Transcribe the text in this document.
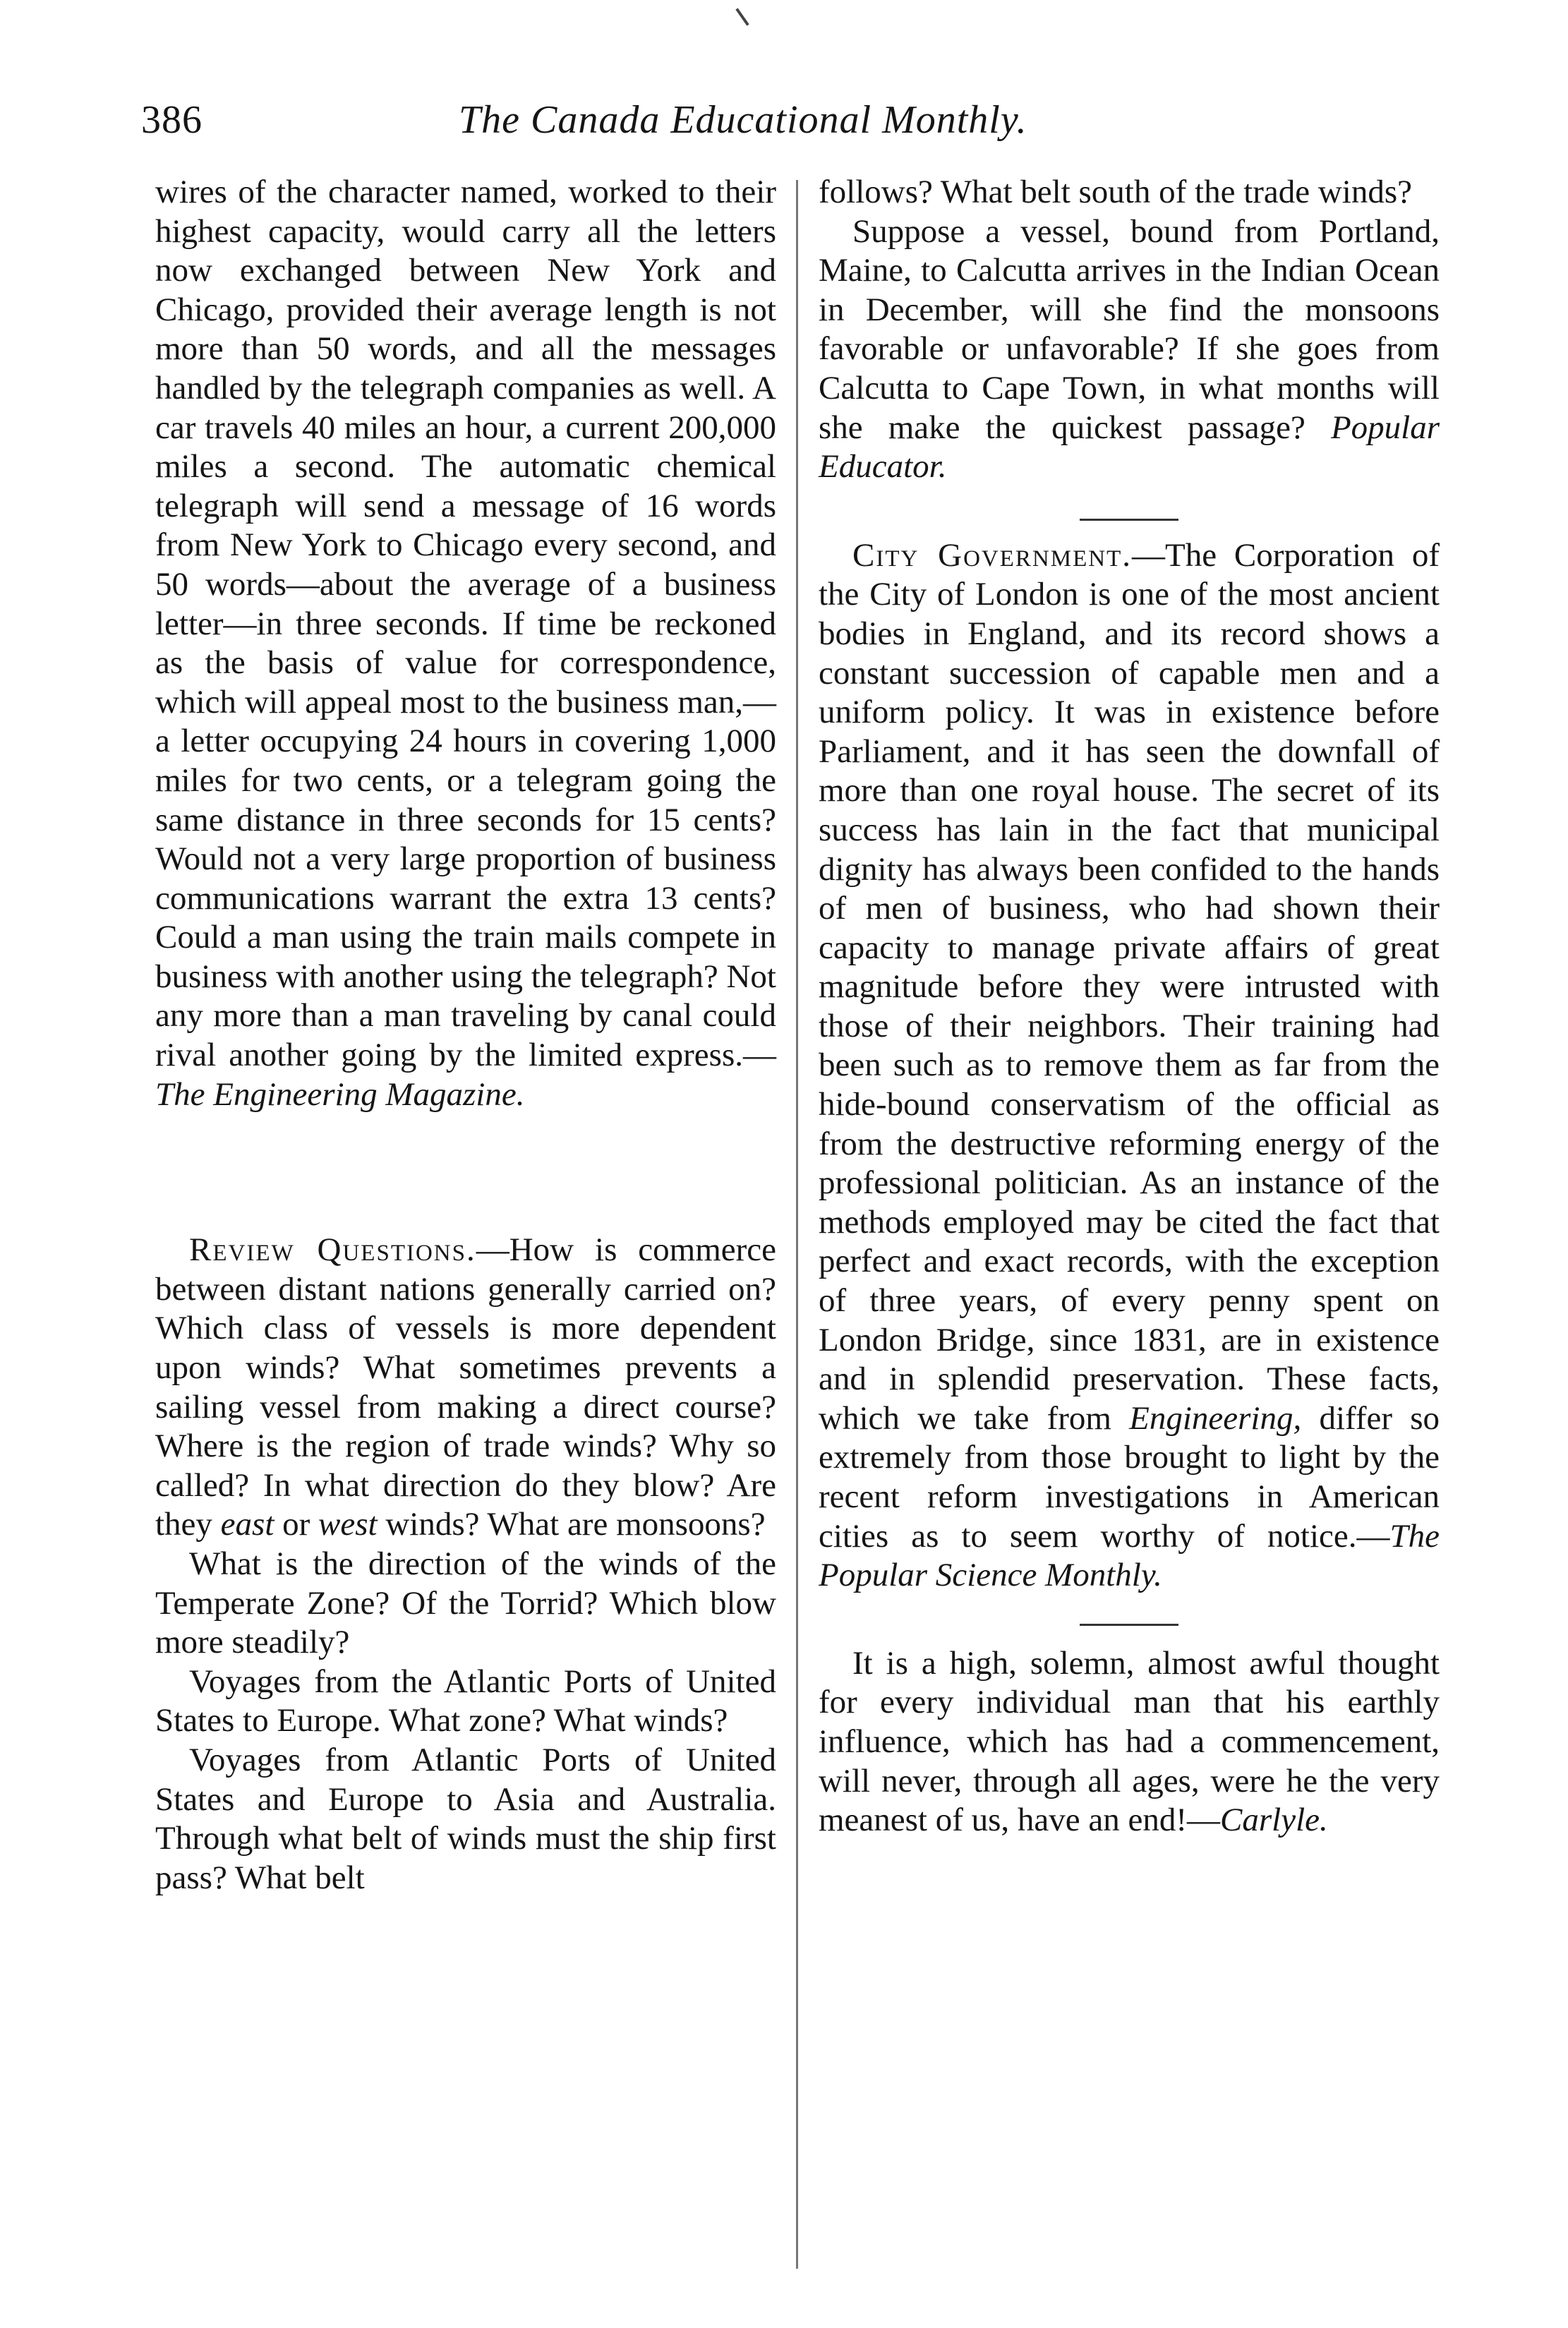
386	The Canada Educational Monthly.

wires of the character named, worked to their highest capacity, would carry all the letters now exchanged between New York and Chicago, provided their average length is not more than 50 words, and all the messages handled by the telegraph companies as well. A car travels 40 miles an hour, a current 200,000 miles a second. The automatic chemical telegraph will send a message of 16 words from New York to Chicago every second, and 50 words—about the average of a business letter—in three seconds. If time be reckoned as the basis of value for correspondence, which will appeal most to the business man,—a letter occupying 24 hours in covering 1,000 miles for two cents, or a telegram going the same distance in three seconds for 15 cents? Would not a very large proportion of business communications warrant the extra 13 cents? Could a man using the train mails compete in business with another using the telegraph? Not any more than a man traveling by canal could rival another going by the limited express.—The Engineering Magazine.

Review Questions.—How is commerce between distant nations generally carried on? Which class of vessels is more dependent upon winds? What sometimes prevents a sailing vessel from making a direct course? Where is the region of trade winds? Why so called? In what direction do they blow? Are they east or west winds? What are monsoons?

What is the direction of the winds of the Temperate Zone? Of the Torrid? Which blow more steadily?

Voyages from the Atlantic Ports of United States to Europe. What zone? What winds?

Voyages from Atlantic Ports of United States and Europe to Asia and Australia. Through what belt of winds must the ship first pass? What belt

follows? What belt south of the trade winds?

Suppose a vessel, bound from Portland, Maine, to Calcutta arrives in the Indian Ocean in December, will she find the monsoons favorable or unfavorable? If she goes from Calcutta to Cape Town, in what months will she make the quickest passage? Popular Educator.

City Government.—The Corporation of the City of London is one of the most ancient bodies in England, and its record shows a constant succession of capable men and a uniform policy. It was in existence before Parliament, and it has seen the downfall of more than one royal house. The secret of its success has lain in the fact that municipal dignity has always been confided to the hands of men of business, who had shown their capacity to manage private affairs of great magnitude before they were intrusted with those of their neighbors. Their training had been such as to remove them as far from the hide-bound conservatism of the official as from the destructive reforming energy of the professional politician. As an instance of the methods employed may be cited the fact that perfect and exact records, with the exception of three years, of every penny spent on London Bridge, since 1831, are in existence and in splendid preservation. These facts, which we take from Engineering, differ so extremely from those brought to light by the recent reform investigations in American cities as to seem worthy of notice.—The Popular Science Monthly.

It is a high, solemn, almost awful thought for every individual man that his earthly influence, which has had a commencement, will never, through all ages, were he the very meanest of us, have an end!—Carlyle.
